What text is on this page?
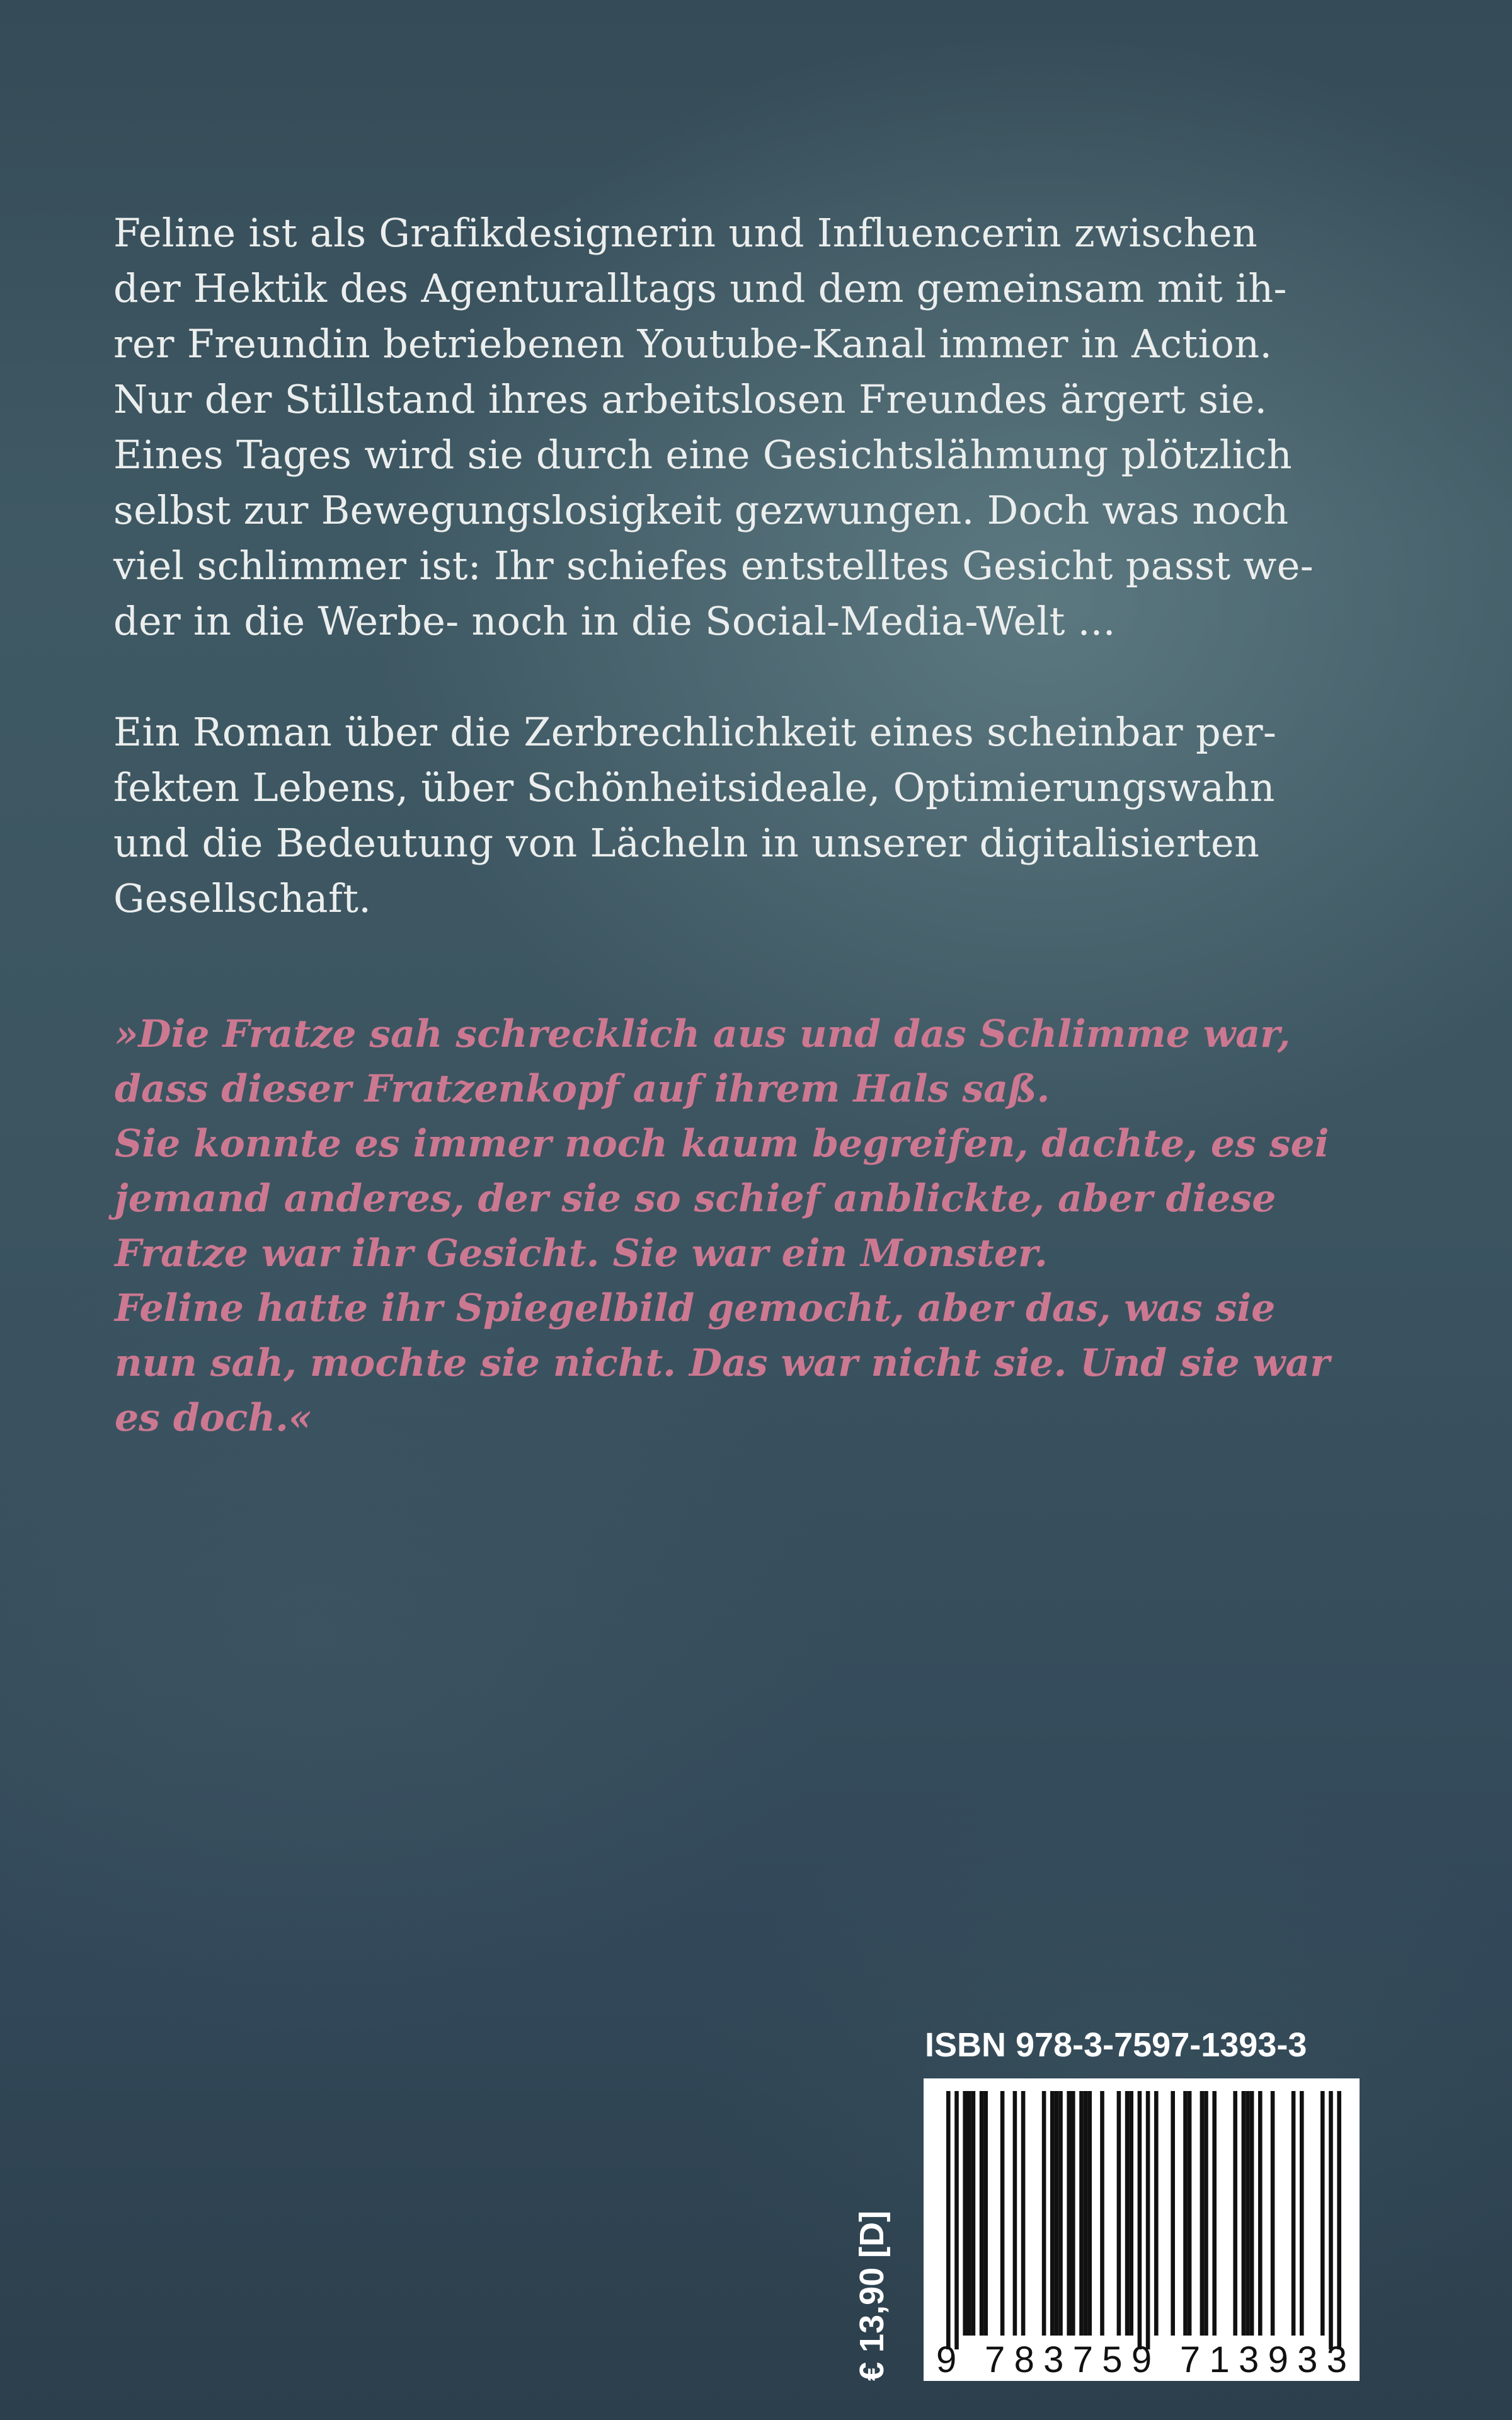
Feline ist als Grafikdesignerin und Influencerin zwischen
der Hektik des Agenturalltags und dem gemeinsam mit ih-
rer Freundin betriebenen Youtube-Kanal immer in Action.
Nur der Stillstand ihres arbeitslosen Freundes ärgert sie.
Eines Tages wird sie durch eine Gesichtslähmung plötzlich
selbst zur Bewegungslosigkeit gezwungen. Doch was noch
viel schlimmer ist: Ihr schiefes entstelltes Gesicht passt we-
der in die Werbe- noch in die Social-Media-Welt ...
Ein Roman über die Zerbrechlichkeit eines scheinbar per-
fekten Lebens, über Schönheitsideale, Optimierungswahn
und die Bedeutung von Lächeln in unserer digitalisierten
Gesellschaft.
»Die Fratze sah schrecklich aus und das Schlimme war,
dass dieser Fratzenkopf auf ihrem Hals saß.
Sie konnte es immer noch kaum begreifen, dachte, es sei
jemand anderes, der sie so schief anblickte, aber diese
Fratze war ihr Gesicht. Sie war ein Monster.
Feline hatte ihr Spiegelbild gemocht, aber das, was sie
nun sah, mochte sie nicht. Das war nicht sie. Und sie war
es doch.«
ISBN 978-3-7597-1393-3
9 783759 713933
€ 13,90 [D]
